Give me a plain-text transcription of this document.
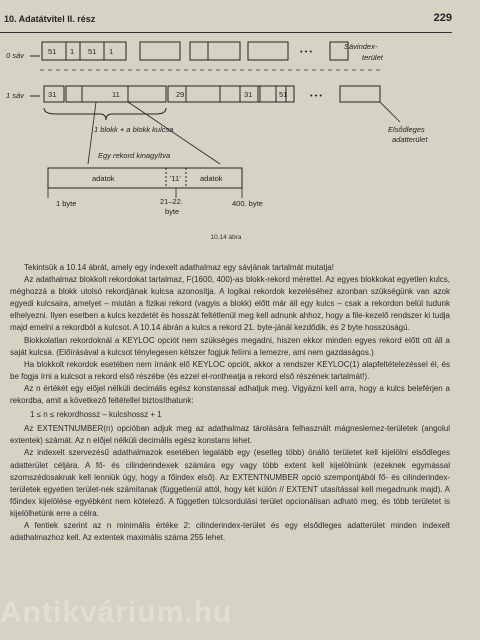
10. Adatátvitel II. rész	229
0 sáv	51 1 51 1	• • •
Sávindex-
terület
1 sáv	31	11	29	31	51	• • •
1 blokk + a blokk kulcsa	Elsődleges
adatterület
Egy rekord kinagyítva
adatok	'11'	adatok
1 byte	21–22.
byte
400. byte
10.14 ábra

Tekintsük a 10.14 ábrát, amely egy indexelt adathalmaz egy sávjának tartalmát mutatja!

Az adathalmaz blokkolt rekordokat tartalmaz, F(1600, 400)-as blokk-rekord mérettel. Az egyes blokkokat egyetlen kulcs, méghozzá a blokk utolsó rekordjának kulcsa azonosítja. A logikai rekordok kezeléséhez azonban szükségünk van azok egyedi kulcsaira, amelyet – miután a fizikai rekord (vagyis a blokk) előtt már áll egy kulcs – csak a rekordon belül tudunk elhelyezni. Ilyen esetben a kulcs kezdetét és hosszát feltétlenül meg kell adnunk ahhoz, hogy a file-kezelő rendszer ki tudja majd emelni a rekordból a kulcsot. A 10.14 ábrán a kulcs a rekord 21. byte-jánál kezdődik, és 2 byte hosszúságú.

Blokkolatlan rekordoknál a KEYLOC opciót nem szükséges megadni, hiszen ekkor minden egyes rekord előtt ott áll a saját kulcsa. (Előírásával a kulcsot ténylegesen kétszer fogjuk felírni a lemezre, ami nem gazdaságos.)

Ha blokkolt rekordok esetében nem írnánk elő KEYLOC opciót, akkor a rendszer KEYLOC(1) alapfeltételezéssel él, és be fogja írni a kulcsot a rekord első részébe (és ezzel el-rontheatja a rekord első részének tartalmát!).

Az n értékét egy előjel nélküli decimális egész konstanssal adhatjuk meg. Vigyázni kell arra, hogy a kulcs beleférjen a rekordba, amit a következő feltétellel biztosíthatunk:

1 ≤ n ≤ rekordhossz – kulcshossz + 1

Az EXTENTNUMBER(n) opcióban adjuk meg az adathalmaz tárolására felhasznált mágneslemez-területek (angolul extentek) számát. Az n előjel nélküli decimális egész konstans lehet.

Az indexelt szervezésű adathalmazok esetében legalább egy (esetleg több) önálló területet kell kijelölni elsődleges adatterület céljára. A fő- és cilinderindexek számára egy vagy több extent kell kijelölnünk (ezeknek egymással szomszédosaknak kell lenniük úgy, hogy a főindex első). Az EXTENTNUMBER opció szempontjából fő- és cilinderindex-területek egyetlen terület-nek számítanak (függetlenül attól, hogy két külön // EXTENT utasítással kell megadnunk majd). A főindex kijelölése egyébként nem kötelező. A független túlcsordulási terület opcionálisan adható meg, és több területet is kijelölhetünk erre a célra.

A fentiek szerint az n minimális értéke 2: cilinderindex-terület és egy elsődleges adatterület minden indexelt adathalmazhoz kell. Az extentek maximális száma 255 lehet.

Antikvárium.hu
